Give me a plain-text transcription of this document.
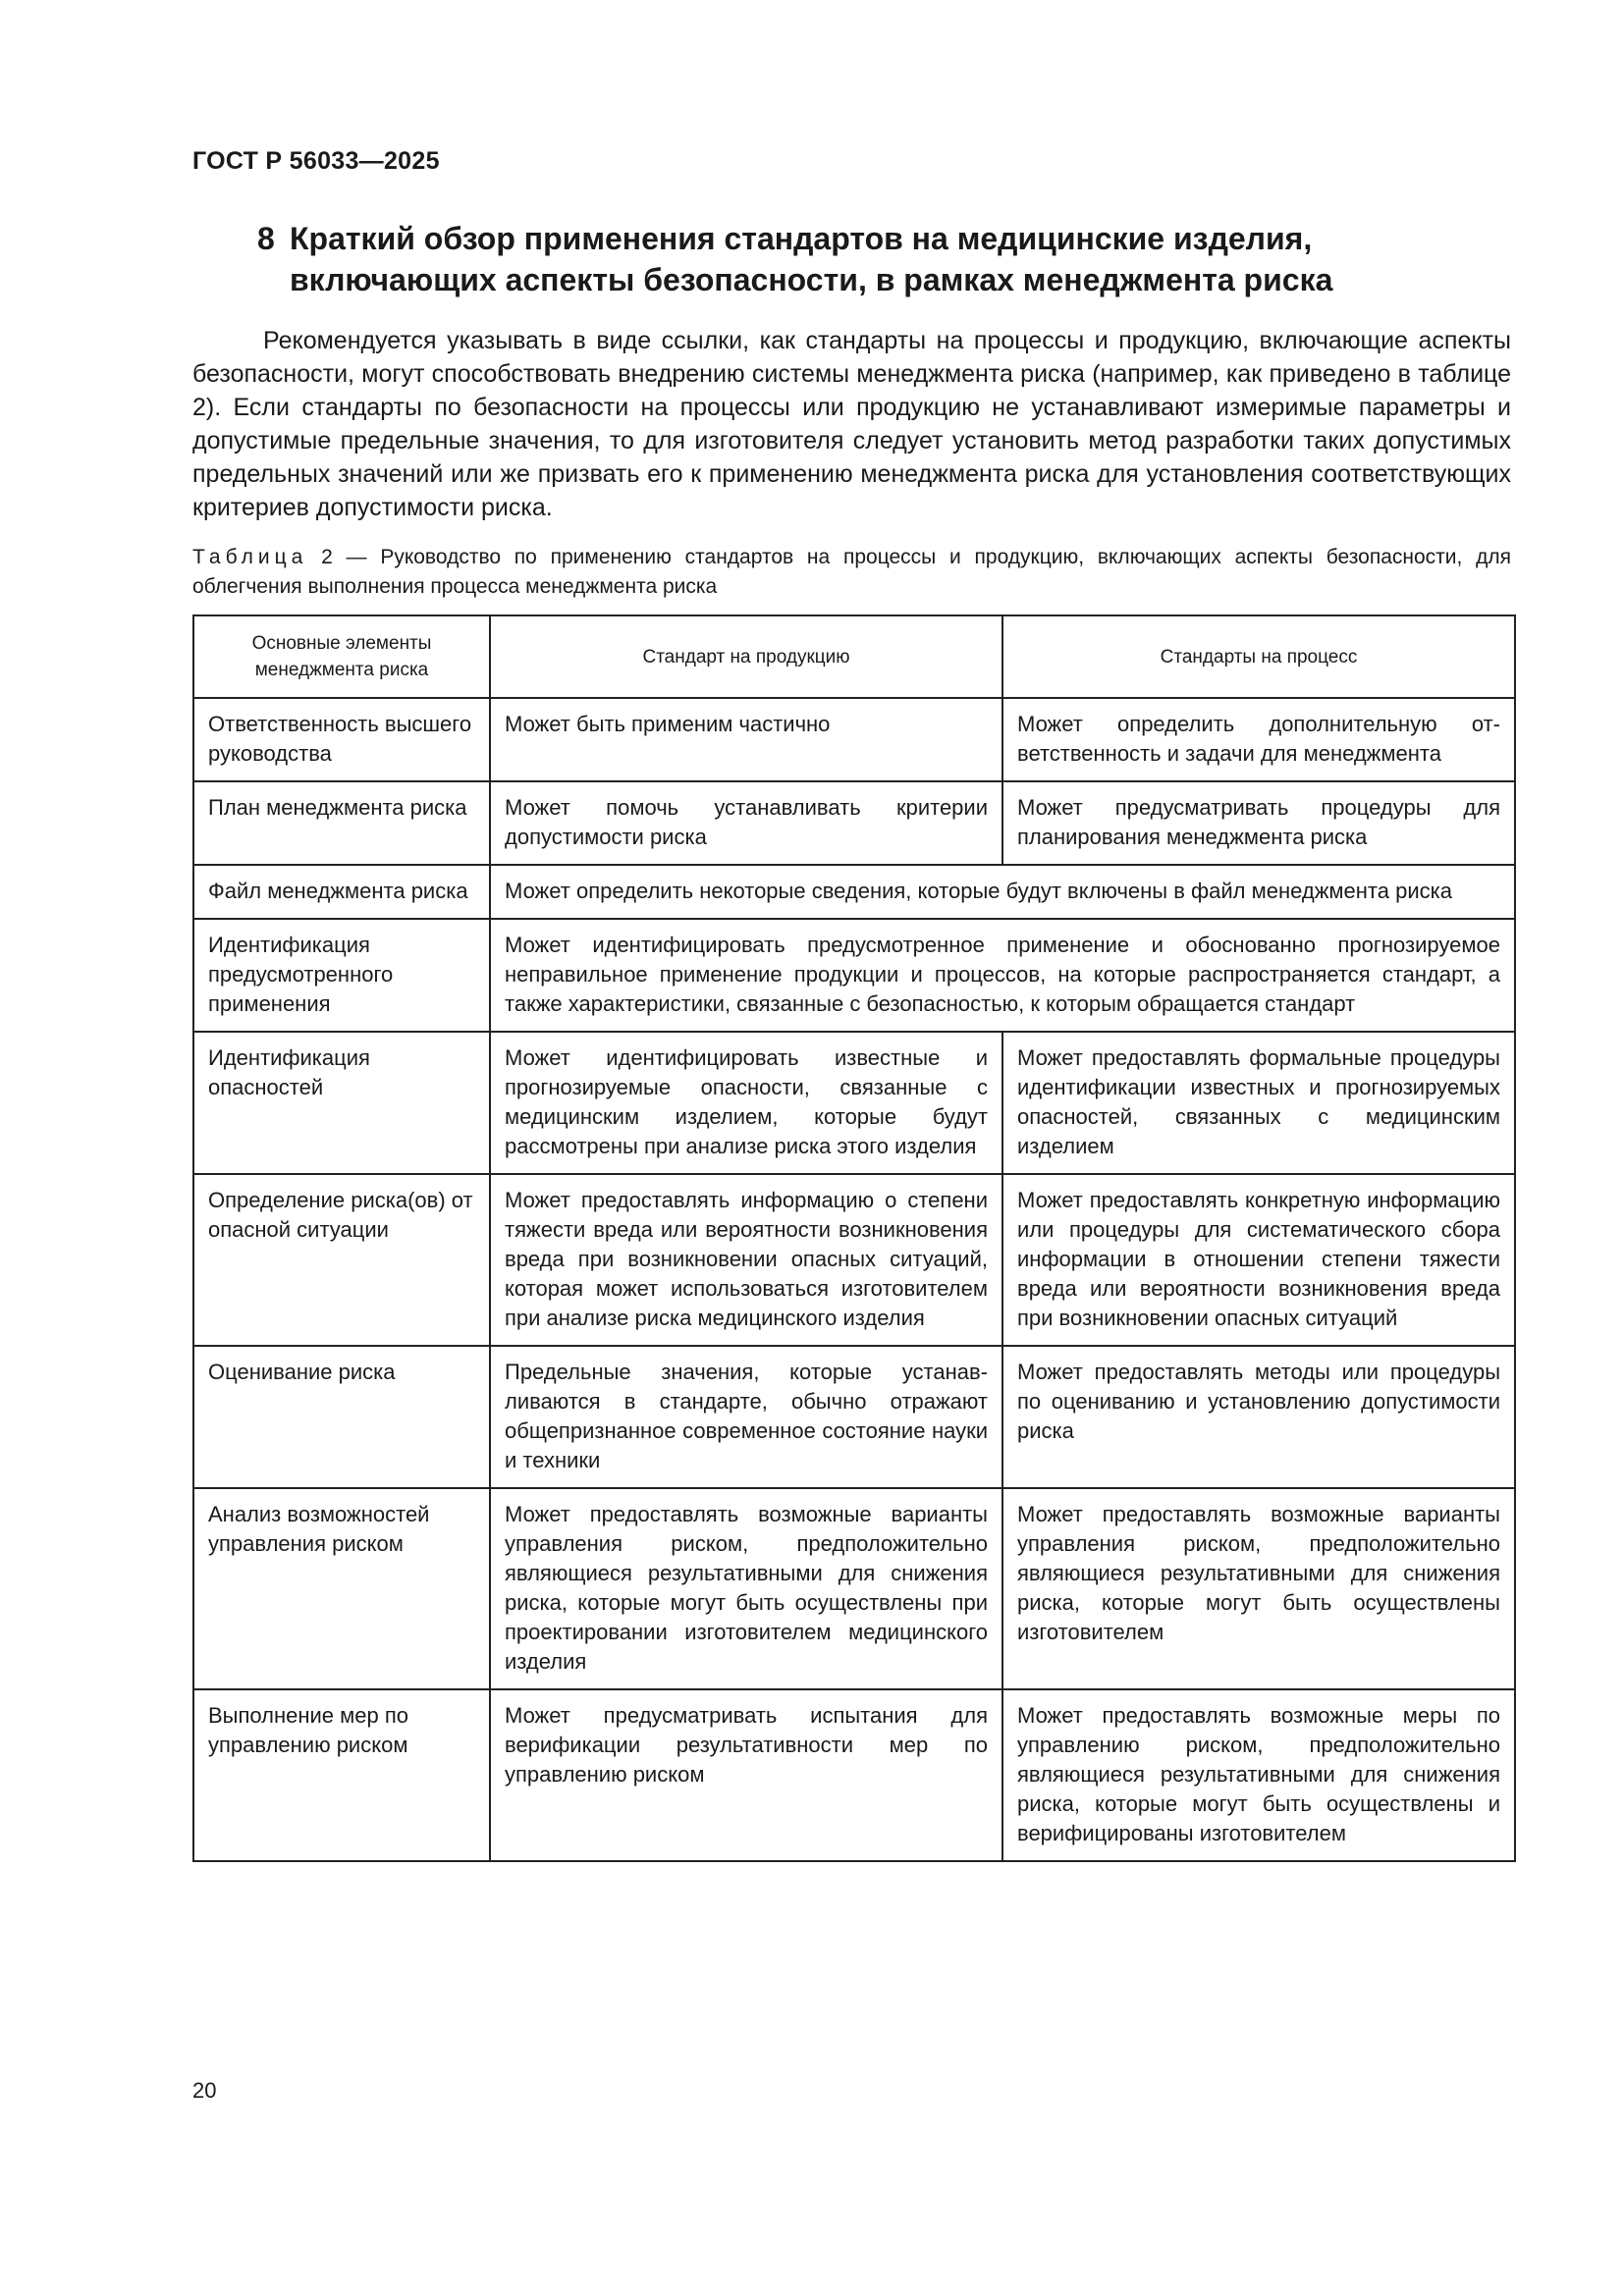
ГОСТ Р 56033—2025
8 Краткий обзор применения стандартов на медицинские изделия, включающих аспекты безопасности, в рамках менеджмента риска

Рекомендуется указывать в виде ссылки, как стандарты на процессы и продукцию, включающие аспекты безопасности, могут способствовать внедрению системы менеджмента риска (например, как приведено в таблице 2). Если стандарты по безопасности на процессы или продукцию не устанавливают измеримые параметры и допустимые предельные значения, то для изготовителя следует установить метод разработки таких допустимых предельных значений или же призвать его к применению менеджмента риска для установления соответствующих критериев допустимости риска.

Таблица 2 — Руководство по применению стандартов на процессы и продукцию, включающих аспекты безопасности, для облегчения выполнения процесса менеджмента риска

Основные элементы менеджмента риска	Стандарт на продукцию	Стандарты на процесс
Ответственность высшего руководства	Может быть применим частично	Может определить дополнительную ответственность и задачи для менеджмента
План менеджмента риска	Может помочь устанавливать критерии допустимости риска	Может предусматривать процедуры для планирования менеджмента риска
Файл менеджмента риска	Может определить некоторые сведения, которые будут включены в файл менеджмента риска	
Идентификация предусмотренного применения	Может идентифицировать предусмотренное применение и обоснованно прогнозируемое неправильное применение продукции и процессов, на которые распространяется стандарт, а также характеристики, связанные с безопасностью, к которым обращается стандарт	
Идентификация опасностей	Может идентифицировать известные и прогнозируемые опасности, связанные с медицинским изделием, которые будут рассмотрены при анализе риска этого изделия	Может предоставлять формальные процедуры идентификации известных и прогнозируемых опасностей, связанных с медицинским изделием
Определение риска(ов) от опасной ситуации	Может предоставлять информацию о степени тяжести вреда или вероятности возникновения вреда при возникновении опасных ситуаций, которая может использоваться изготовителем при анализе риска медицинского изделия	Может предоставлять конкретную информацию или процедуры для систематического сбора информации в отношении степени тяжести вреда или вероятности возникновения вреда при возникновении опасных ситуаций
Оценивание риска	Предельные значения, которые устанавливаются в стандарте, обычно отражают общепризнанное современное состояние науки и техники	Может предоставлять методы или процедуры по оцениванию и установлению допустимости риска
Анализ возможностей управления риском	Может предоставлять возможные варианты управления риском, предположительно являющиеся результативными для снижения риска, которые могут быть осуществлены при проектировании изготовителем медицинского изделия	Может предоставлять возможные варианты управления риском, предположительно являющиеся результативными для снижения риска, которые могут быть осуществлены изготовителем
Выполнение мер по управлению риском	Может предусматривать испытания для верификации результативности мер по управлению риском	Может предоставлять возможные меры по управлению риском, предположительно являющиеся результативными для снижения риска, которые могут быть осуществлены и верифицированы изготовителем
20
